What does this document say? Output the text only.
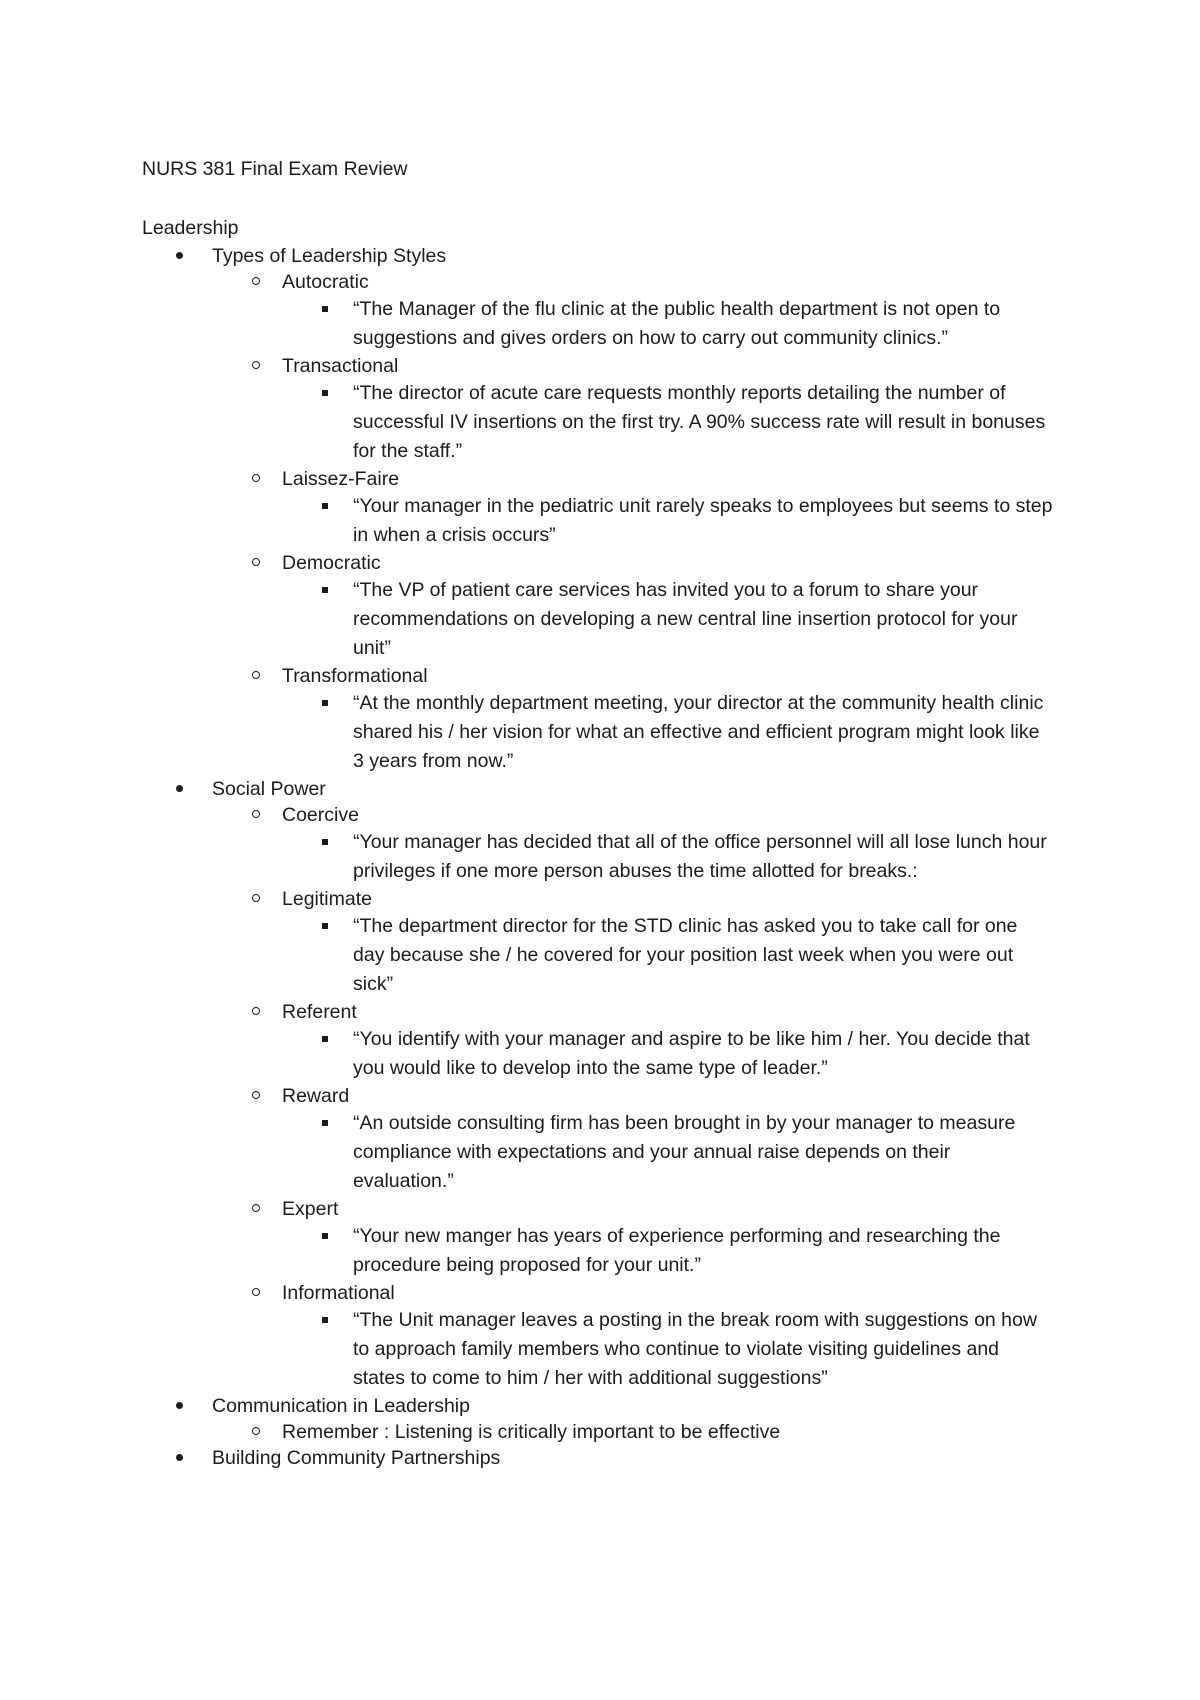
NURS 381 Final Exam Review
Leadership
Types of Leadership Styles
Autocratic
“The Manager of the flu clinic at the public health department is not open to suggestions and gives orders on how to carry out community clinics.”
Transactional
“The director of acute care requests monthly reports detailing the number of successful IV insertions on the first try. A 90% success rate will result in bonuses for the staff.”
Laissez-Faire
“Your manager in the pediatric unit rarely speaks to employees but seems to step in when a crisis occurs”
Democratic
“The VP of patient care services has invited you to a forum to share your recommendations on developing a new central line insertion protocol for your unit”
Transformational
“At the monthly department meeting, your director at the community health clinic shared his / her vision for what an effective and efficient program might look like 3 years from now.”
Social Power
Coercive
“Your manager has decided that all of the office personnel will all lose lunch hour privileges if one more person abuses the time allotted for breaks.:
Legitimate
“The department director for the STD clinic has asked you to take call for one day because she / he covered for your position last week when you were out sick”
Referent
“You identify with your manager and aspire to be like him / her. You decide that you would like to develop into the same type of leader.”
Reward
“An outside consulting firm has been brought in by your manager to measure compliance with expectations and your annual raise depends on their evaluation.”
Expert
“Your new manger has years of experience performing and researching the procedure being proposed for your unit.”
Informational
“The Unit manager leaves a posting in the break room with suggestions on how to approach family members who continue to violate visiting guidelines and states to come to him / her with additional suggestions”
Communication in Leadership
Remember : Listening is critically important to be effective
Building Community Partnerships
